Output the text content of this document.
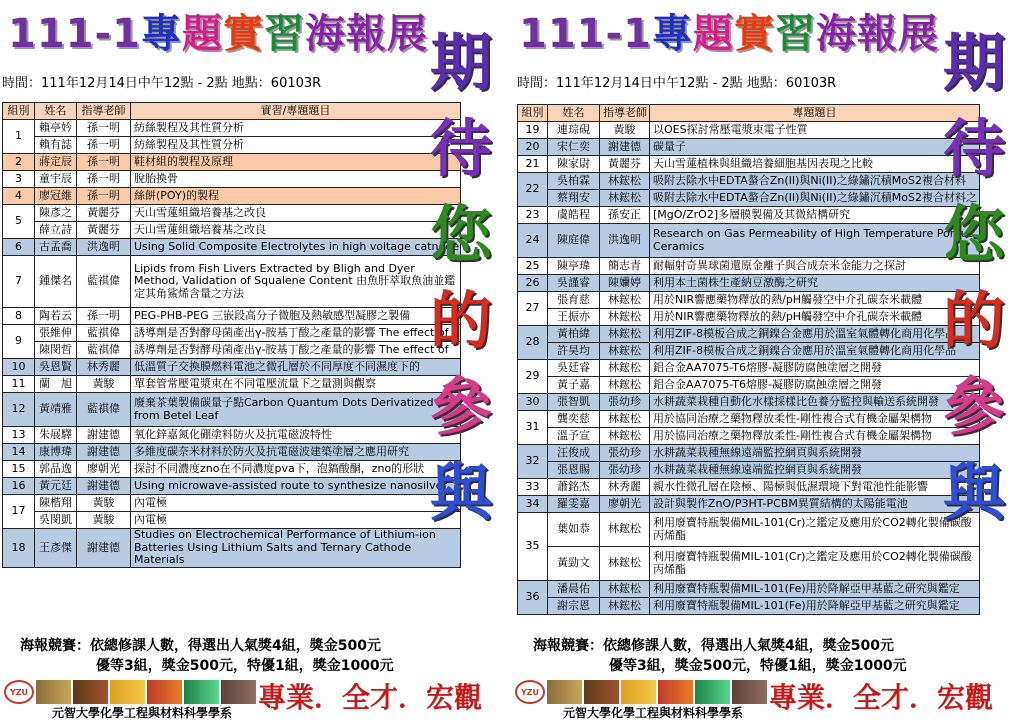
111-1專題實習海報展
時間：111年12月14日中午12點 - 2點 地點：60103R
組別	姓名	指導老師	實習/專題題目
1	賴亭妗	孫一明	紡絲製程及其性質分析
	賴有誌	孫一明	紡絲製程及其性質分析
2	蔣定辰	孫一明	鞋材組的製程及原理
3	童宇辰	孫一明	脫胎換骨
4	廖冠維	孫一明	絲餅(POY)的製程
5	陳彥之	黃麗芬	天山雪蓮組織培養基之改良
	薛立詩	黃麗芬	天山雪蓮組織培養基之改良
6	古孟喬	洪逸明	Using Solid Composite Electrolytes in high voltage catnode
7	鍾傑名	藍祺偉	Lipids from Fish Livers Extracted by Bligh and Dyer Method, Validation of Squalene Content 由魚肝萃取魚油並鑑定其角鯊烯含量之方法
8	陶若云	孫一明	PEG-PHB-PEG 三嵌段高分子微胞及熱敏感型凝膠之製備
9	張維伸	藍祺偉	誘導劑是否對酵母菌產出γ-胺基丁酸之產量的影響 The effect of
	陳閔哲	藍祺偉	誘導劑是否對酵母菌產出γ-胺基丁酸之產量的影響 The effect of
10	吳恩賢	林秀麗	低溫質子交換膜燃料電池之微孔層於不同厚度不同濕度下的
11	蘭　旭	黃駿	單套管常壓電漿束在不同電壓流量下之量測與觀察
12	黃靖雅	藍祺偉	廢棄茶葉製備碳量子點Carbon Quantum Dots Derivatized from Betel Leaf
13	朱展驛	謝建德	氧化鋅嘉氮化硼塗料防火及抗電磁波特性
14	康博瑋	謝建德	多維度碳奈米材料於防火及抗電磁波建築塗層之應用研究
15	郭品逸	廖朝光	探討不同濃度zno在不同濃度pva下，泡鎬酸酮，zno的形狀
16	黃元廷	謝建德	Using microwave-assisted route to synthesize nanosilver
17	陳楷翔	黃駿	內電極
	吳閔凱	黃駿	內電極
18	王彥傑	謝建德	Studies on Electrochemical Performance of Lithium-ion Batteries Using Lithium Salts and Ternary Cathode Materials
期
待
您
的
參
與
海報競賽：依總修課人數，得選出人氣獎4組，獎金500元
優等3組，獎金500元，特優1組，獎金1000元
YZU
元智大學化學工程與材料科學學系 專業．全才．宏觀
111-1專題實習海報展
時間：111年12月14日中午12點 - 2點 地點：60103R
組別	姓名	指導老師	專題題目
19	連琮硯	黃駿	以OES探討常壓電漿束電子性質
20	宋仁奕	謝建德	碳量子
21	陳家尉	黃麗芬	天山雪蓮植株與組織培養細胞基因表現之比較
22	吳柏霖	林鋐松	吸附去除水中EDTA螯合Zn(II)與Ni(II)之綠鏽沉積MoS2複合材料
	蔡翔安	林鋐松	吸附去除水中EDTA螯合Zn(II)與Ni(II)之綠鏽沉積MoS2複合材料之
23	虞皓程	孫安正	[MgO/ZrO2]多層膜製備及其微結構研究
24	陳庭偉	洪逸明	Research on Gas Permeability of High Temperature Porous Ceramics
25	陳亭瑋	簡志青	耐輻射奇異球菌還原金離子與合成奈米金能力之探討
26	吳謹睿	陳孏婷	利用本土菌株生產納豆激酶之研究
27	張育慈	林鋐松	用於NIR響應藥物釋放的熱/pH觸發空中介孔碳奈米載體
	王振亦	林鋐松	用於NIR響應藥物釋放的熱/pH觸發空中介孔碳奈米載體
28	黃柏緯	林鋐松	利用ZIF-8模板合成之銅鎳合金應用於溫室氣體轉化商用化學品
	許昊均	林鋐松	利用ZIF-8模板合成之銅鎳合金應用於溫室氣體轉化商用化學品
29	吳廷睿	林鋐松	鋁合金AA7075-T6熔膠-凝膠防腐蝕塗層之開發
	黃子嘉	林鋐松	鋁合金AA7075-T6熔膠-凝膠防腐蝕塗層之開發
30	張智凱	張幼珍	水耕蔬菜栽種自動化水樣採樣比色養分監控與輸送系統開發
31	龔奕慈	林鋐松	用於協同治療之藥物釋放柔性-剛性複合式有機金屬架構物
	溫予宣	林鋐松	用於協同治療之藥物釋放柔性-剛性複合式有機金屬架構物
32	汪俊成	張幼珍	水耕蔬菜栽種無線遠端監控網頁與系統開發
	張恩賜	張幼珍	水耕蔬菜栽種無線遠端監控網頁與系統開發
33	蕭銘杰	林秀麗	親水性微孔層在陰極、陽極與低濕環境下對電池性能影響
34	羅雯嘉	廖朝光	設計與製作ZnO/P3HT-PCBM異質結構的太陽能電池
35	葉如恭	林鋐松	利用廢寶特瓶製備MIL-101(Cr)之鑑定及應用於CO2轉化製備碳酸丙烯酯
	黃勁文	林鋐松	利用廢寶特瓶製備MIL-101(Cr)之鑑定及應用於CO2轉化製備碳酸丙烯酯
36	潘晨佑	林鋐松	利用廢寶特瓶製備MIL-101(Fe)用於降解亞甲基藍之研究與鑑定
	謝宗恩	林鋐松	利用廢寶特瓶製備MIL-101(Fe)用於降解亞甲基藍之研究與鑑定
期
待
您
的
參
與
海報競賽：依總修課人數，得選出人氣獎4組，獎金500元
優等3組，獎金500元，特優1組，獎金1000元
YZU
元智大學化學工程與材料科學學系 專業．全才．宏觀
